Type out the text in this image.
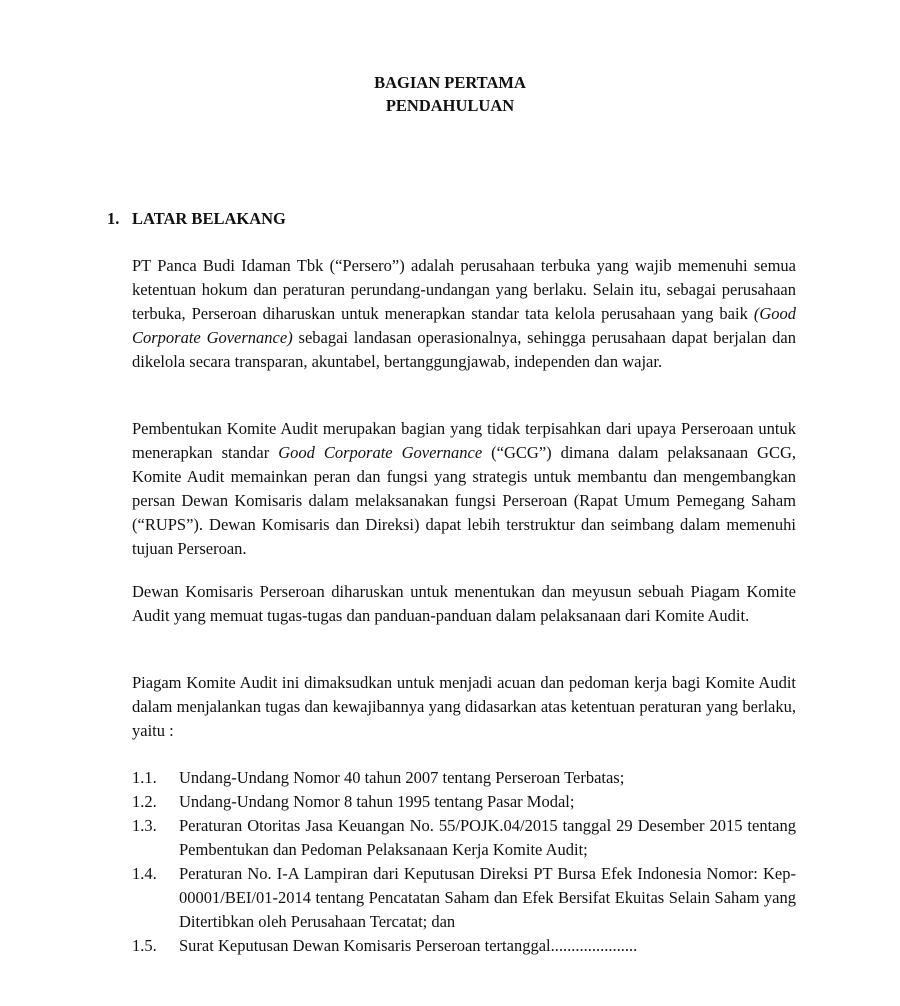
BAGIAN PERTAMA
PENDAHULUAN
1. LATAR BELAKANG

PT Panca Budi Idaman Tbk (“Persero”) adalah perusahaan terbuka yang wajib memenuhi semua ketentuan hokum dan peraturan perundang-undangan yang berlaku. Selain itu, sebagai perusahaan terbuka, Perseroan diharuskan untuk menerapkan standar tata kelola perusahaan yang baik (Good Corporate Governance) sebagai landasan operasionalnya, sehingga perusahaan dapat berjalan dan dikelola secara transparan, akuntabel, bertanggungjawab, independen dan wajar.

Pembentukan Komite Audit merupakan bagian yang tidak terpisahkan dari upaya Perseroaan untuk menerapkan standar Good Corporate Governance (“GCG”) dimana dalam pelaksanaan GCG, Komite Audit memainkan peran dan fungsi yang strategis untuk membantu dan mengembangkan persan Dewan Komisaris dalam melaksanakan fungsi Perseroan (Rapat Umum Pemegang Saham (“RUPS”). Dewan Komisaris dan Direksi) dapat lebih terstruktur dan seimbang dalam memenuhi tujuan Perseroan.

Dewan Komisaris Perseroan diharuskan untuk menentukan dan meyusun sebuah Piagam Komite Audit yang memuat tugas-tugas dan panduan-panduan dalam pelaksanaan dari Komite Audit.

Piagam Komite Audit ini dimaksudkan untuk menjadi acuan dan pedoman kerja bagi Komite Audit dalam menjalankan tugas dan kewajibannya yang didasarkan atas ketentuan peraturan yang berlaku, yaitu :

1.1.	Undang-Undang Nomor 40 tahun 2007 tentang Perseroan Terbatas;
1.2.	Undang-Undang Nomor 8 tahun 1995 tentang Pasar Modal;
1.3.	Peraturan Otoritas Jasa Keuangan No. 55/POJK.04/2015 tanggal 29 Desember 2015 tentang Pembentukan dan Pedoman Pelaksanaan Kerja Komite Audit;
1.4.	Peraturan No. I-A Lampiran dari Keputusan Direksi PT Bursa Efek Indonesia Nomor: Kep-00001/BEI/01-2014 tentang Pencatatan Saham dan Efek Bersifat Ekuitas Selain Saham yang Ditertibkan oleh Perusahaan Tercatat; dan
1.5.	Surat Keputusan Dewan Komisaris Perseroan tertanggal.....................
